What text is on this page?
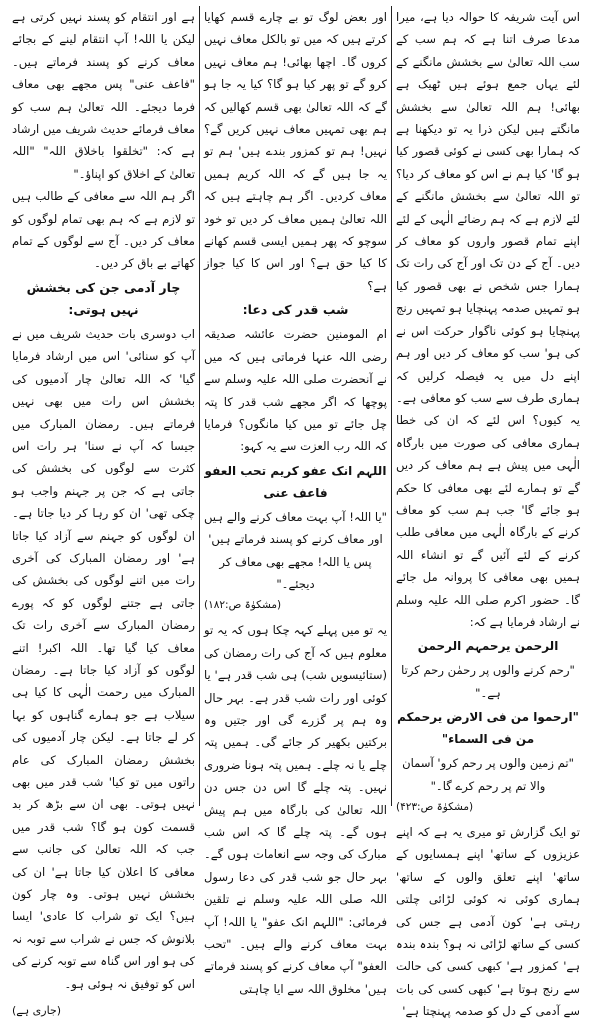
اس آیت شریفہ کا حوالہ دیا ہے، میرا مدعا صرف اتنا ہے کہ ہم سب کے سب اللہ تعالیٰ سے بخشش مانگنے کے لئے یہاں جمع ہوئے ہیں ٹھیک ہے بھائی! ہم اللہ تعالیٰ سے بخشش مانگتے ہیں لیکن ذرا یہ تو دیکھنا ہے کہ ہمارا بھی کسی نے کوئی قصور کیا ہو گا' کیا ہم نے اس کو معاف کر دیا؟ تو اللہ تعالیٰ سے بخشش مانگنے کے لئے لازم ہے کہ ہم رضائے الٰہی کے لئے اپنے تمام قصور واروں کو معاف کر دیں۔ آج کے دن تک اور آج کی رات تک ہمارا جس شخص نے بھی قصور کیا ہو تمہیں صدمہ پہنچایا ہو تمہیں رنج پہنچایا ہو کوئی ناگوار حرکت اس نے کی ہو' سب کو معاف کر دیں اور ہم اپنے دل میں یہ فیصلہ کرلیں کہ ہماری طرف سے سب کو معافی ہے۔ یہ کیوں؟ اس لئے کہ ان کی خطا ہماری معافی کی صورت میں بارگاہ الٰہی میں پیش ہے ہم معاف کر دیں گے تو ہمارے لئے بھی معافی کا حکم ہو جائے گا' جب ہم سب کو معاف کرنے کے بارگاہ الٰہی میں معافی طلب کرنے کے لئے آئیں گے تو انشاء اللہ ہمیں بھی معافی کا پروانہ مل جائے گا۔ حضور اکرم صلی اللہ علیہ وسلم نے ارشاد فرمایا ہے کہ:

الرحمن یرحمہم الرحمن

"رحم کرنے والوں پر رحمٰن رحم کرتا ہے۔"

"ارحموا من فی الارض یرحمکم من فی السماء"

"تم زمین والوں پر رحم کرو' آسمان والا تم پر رحم کرے گا۔"

(مشکوٰۃ ص:۴۲۳)

تو ایک گزارش تو میری یہ ہے کہ اپنے عزیزوں کے ساتھ' اپنے ہمسایوں کے ساتھ' اپنے تعلق والوں کے ساتھ' ہماری کوئی نہ کوئی لڑائی چلتی رہتی ہے' کون آدمی ہے جس کی کسی کے ساتھ لڑائی نہ ہو؟ بندہ بندہ ہے' کمزور ہے' کبھی کسی کی حالت سے رنج ہوتا ہے' کبھی کسی کی بات سے آدمی کے دل کو صدمہ پہنچتا ہے'

اور بعض لوگ تو بے چارے قسم کھایا کرتے ہیں کہ میں تو بالکل معاف نہیں کروں گا۔ اچھا بھائی! ہم معاف نہیں کرو گے تو پھر کیا ہو گا؟ کیا یہ جا ہو گے کہ اللہ تعالیٰ بھی قسم کھالیں کہ ہم بھی تمہیں معاف نہیں کریں گے؟ نہیں! ہم تو کمزور بندے ہیں' ہم تو یہ جا ہیں گے کہ اللہ کریم ہمیں معاف کردیں۔ اگر ہم چاہتے ہیں کہ اللہ تعالیٰ ہمیں معاف کر دیں تو خود سوچو کہ پھر ہمیں ایسی قسم کھانے کا کیا حق ہے؟ اور اس کا کیا جواز ہے؟

شب قدر کی دعا:

ام المومنین حضرت عائشہ صدیقہ رضی اللہ عنہا فرماتی ہیں کہ میں نے آنحضرت صلی اللہ علیہ وسلم سے پوچھا کہ اگر مجھے شب قدر کا پتہ چل جائے تو میں کیا مانگوں؟ فرمایا کہ اللہ رب العزت سے یہ کہو:

اللہم انک عفو کریم تحب العفو فاعف عنی

"یا اللہ! آپ بہت معاف کرنے والے ہیں اور معاف کرنے کو پسند فرماتے ہیں' پس یا اللہ! مجھے بھی معاف کر دیجئے۔"

(مشکوٰۃ ص:۱۸۲)

یہ تو میں پہلے کہہ چکا ہوں کہ یہ تو معلوم ہیں کہ آج کی رات رمضان کی (ستائیسویں شب) ہی شب قدر ہے' یا کوئی اور رات شب قدر ہے۔ بہر حال وہ ہم پر گزرے گی اور جتیں وہ برکتیں بکھیر کر جائے گی۔ ہمیں پتہ چلے یا نہ چلے۔ ہمیں پتہ ہونا ضروری نہیں۔ پتہ چلے گا اس دن جس دن اللہ تعالیٰ کی بارگاہ میں ہم پیش ہوں گے۔ پتہ چلے گا کہ اس شب مبارک کی وجہ سے انعامات ہوں گے۔ بہر حال جو شب قدر کی دعا رسول اللہ صلی اللہ علیہ وسلم نے تلقین فرمائی: "اللہم انک عفو" یا اللہ! آپ بہت معاف کرنے والے ہیں۔ "تحب العفو" آپ معاف کرنے کو پسند فرماتے ہیں' مخلوق اللہ سے ایا چاہتی

ہے اور انتقام کو پسند نہیں کرتی ہے لیکن یا اللہ! آپ انتقام لینے کے بجائے معاف کرنے کو پسند فرماتے ہیں۔ "فاعف عنی" پس مجھے بھی معاف فرما دیجئے۔ اللہ تعالیٰ ہم سب کو معاف فرمائے حدیث شریف میں ارشاد ہے کہ: "تخلقوا باخلاق اللہ" "اللہ تعالیٰ کے اخلاق کو اپناؤ۔"

اگر ہم اللہ سے معافی کے طالب ہیں تو لازم ہے کہ ہم بھی تمام لوگوں کو معاف کر دیں۔ آج سے لوگوں کے تمام کھاتے بے باق کر دیں۔

چار آدمی جن کی بخشش نہیں ہوتی:

اب دوسری بات حدیث شریف میں نے آپ کو سنائی' اس میں ارشاد فرمایا گیا' کہ اللہ تعالیٰ چار آدمیوں کی بخشش اس رات میں بھی نہیں فرماتے ہیں۔ رمضان المبارک میں جیسا کہ آپ نے سنا' ہر رات اس کثرت سے لوگوں کی بخشش کی جاتی ہے کہ جن پر جہنم واجب ہو چکی تھی' ان کو رہا کر دیا جاتا ہے۔ ان لوگوں کو جہنم سے آزاد کیا جاتا ہے' اور رمضان المبارک کی آخری رات میں اتنے لوگوں کی بخشش کی جاتی ہے جتنے لوگوں کو کہ پورے رمضان المبارک سے آخری رات تک معاف کیا گیا تھا۔ اللہ اکبر! اتنے لوگوں کو آزاد کیا جاتا ہے۔ رمضان المبارک میں رحمت الٰہی کا کیا ہی سیلاب ہے جو ہمارے گناہوں کو بہا کر لے جاتا ہے۔ لیکن چار آدمیوں کی بخشش رمضان المبارک کی عام راتوں میں تو کیا' شب قدر میں بھی نہیں ہوتی۔ بھی ان سے بڑھ کر بد قسمت کون ہو گا؟ شب قدر میں جب کہ اللہ تعالیٰ کی جانب سے معافی کا اعلان کیا جاتا ہے' ان کی بخشش نہیں ہوتی۔ وہ چار کون ہیں؟ ایک تو شراب کا عادی' ایسا بلانوش کہ جس نے شراب سے توبہ نہ کی ہو اور اس گناہ سے توبہ کرنے کی اس کو توفیق نہ ہوئی ہو۔

(جاری ہے)
